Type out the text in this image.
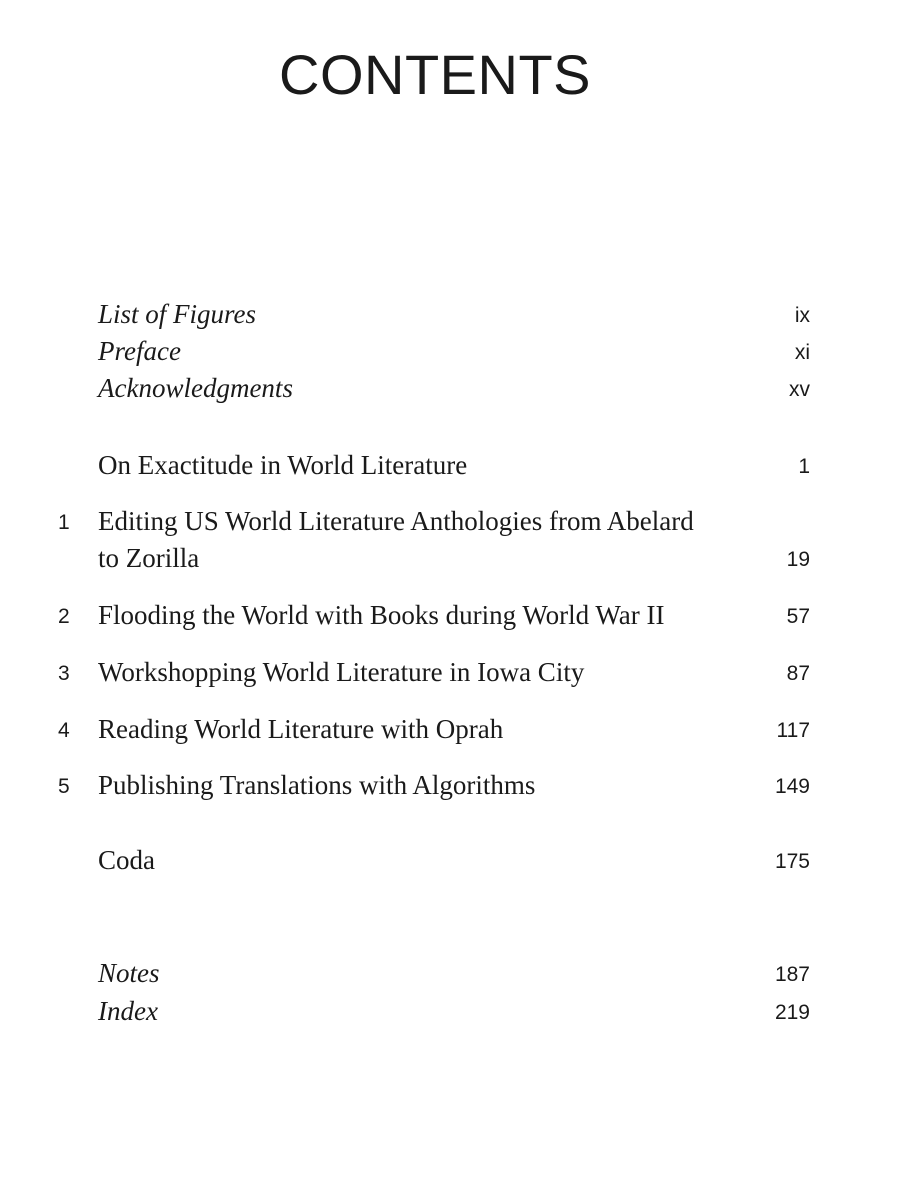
CONTENTS
List of Figures	ix
Preface	xi
Acknowledgments	xv
On Exactitude in World Literature	1
1	Editing US World Literature Anthologies from Abelard
to Zorilla	19
2	Flooding the World with Books during World War II	57
3	Workshopping World Literature in Iowa City	87
4	Reading World Literature with Oprah	117
5	Publishing Translations with Algorithms	149
Coda	175
Notes	187
Index	219
